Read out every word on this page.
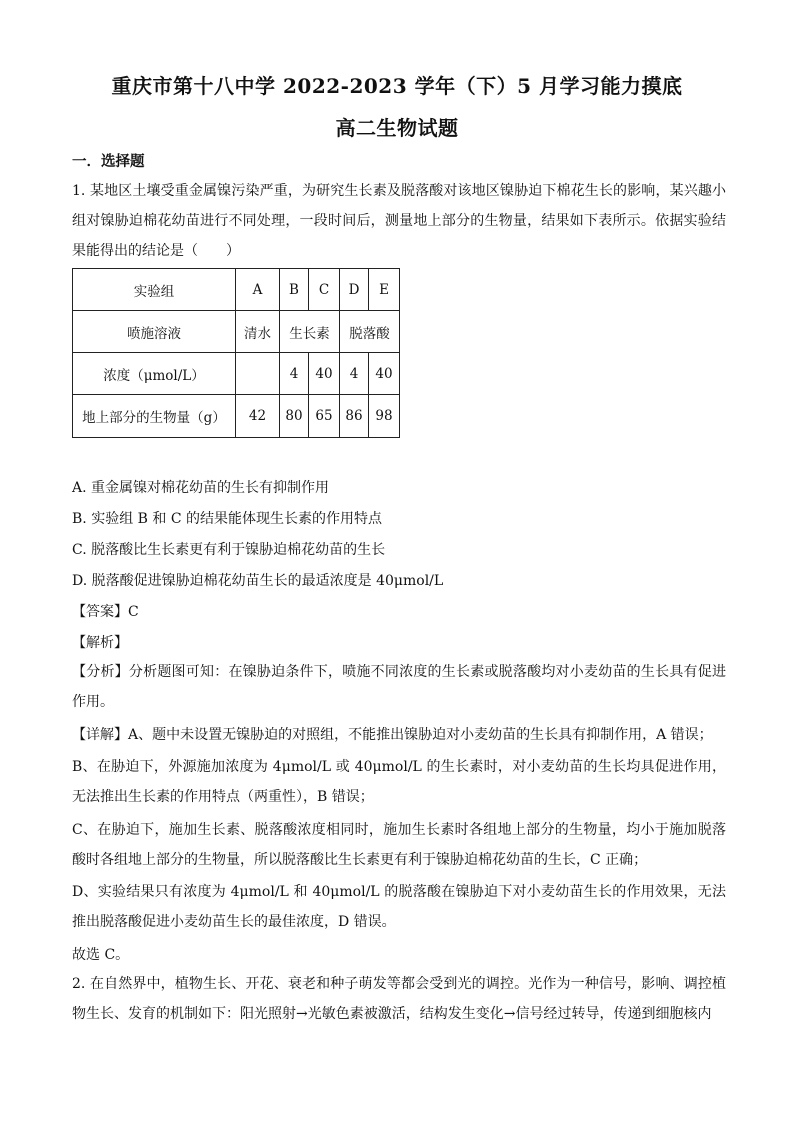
重庆市第十八中学 2022-2023 学年（下）5 月学习能力摸底
高二生物试题
一．选择题
1. 某地区土壤受重金属镍污染严重，为研究生长素及脱落酸对该地区镍胁迫下棉花生长的影响，某兴趣小组对镍胁迫棉花幼苗进行不同处理，一段时间后，测量地上部分的生物量，结果如下表所示。依据实验结果能得出的结论是（　　）
实验组	A	B	C	D	E
喷施溶液	清水	生长素		脱落酸	
浓度（μmol/L）		4	40	4	40
地上部分的生物量（g）	42	80	65	86	98
A. 重金属镍对棉花幼苗的生长有抑制作用
B. 实验组 B 和 C 的结果能体现生长素的作用特点
C. 脱落酸比生长素更有利于镍胁迫棉花幼苗的生长
D. 脱落酸促进镍胁迫棉花幼苗生长的最适浓度是 40μmol/L
【答案】C
【解析】
【分析】分析题图可知：在镍胁迫条件下，喷施不同浓度的生长素或脱落酸均对小麦幼苗的生长具有促进作用。
【详解】A、题中未设置无镍胁迫的对照组，不能推出镍胁迫对小麦幼苗的生长具有抑制作用，A 错误；
B、在胁迫下，外源施加浓度为 4μmol/L 或 40μmol/L 的生长素时，对小麦幼苗的生长均具促进作用，无法推出生长素的作用特点（两重性），B 错误；
C、在胁迫下，施加生长素、脱落酸浓度相同时，施加生长素时各组地上部分的生物量，均小于施加脱落酸时各组地上部分的生物量，所以脱落酸比生长素更有利于镍胁迫棉花幼苗的生长，C 正确；
D、实验结果只有浓度为 4μmol/L 和 40μmol/L 的脱落酸在镍胁迫下对小麦幼苗生长的作用效果，无法推出脱落酸促进小麦幼苗生长的最佳浓度，D 错误。
故选 C。
2. 在自然界中，植物生长、开花、衰老和种子萌发等都会受到光的调控。光作为一种信号，影响、调控植物生长、发育的机制如下：阳光照射→光敏色素被激活，结构发生变化→信号经过转导，传递到细胞核内
